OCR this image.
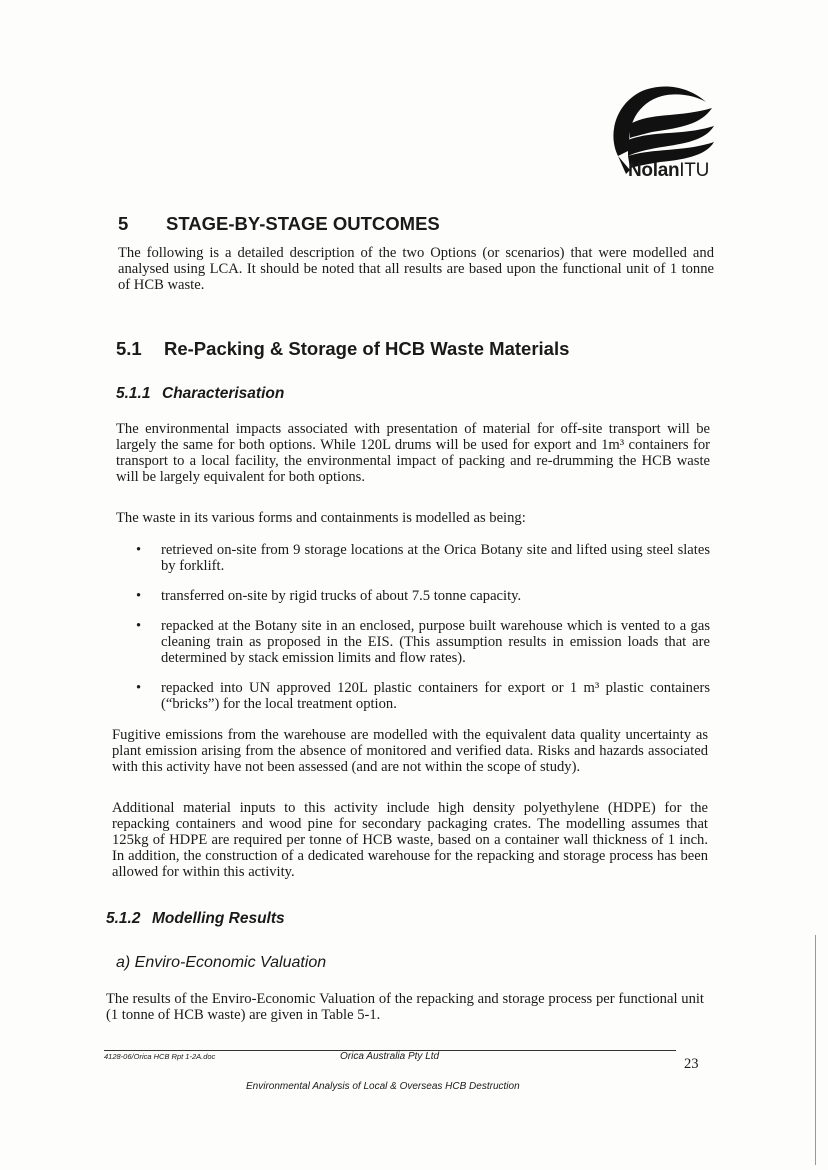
NolanITU
5 STAGE-BY-STAGE OUTCOMES

The following is a detailed description of the two Options (or scenarios) that were modelled and analysed using LCA. It should be noted that all results are based upon the functional unit of 1 tonne of HCB waste.

5.1 Re-Packing & Storage of HCB Waste Materials
5.1.1 Characterisation

The environmental impacts associated with presentation of material for off-site transport will be largely the same for both options. While 120L drums will be used for export and 1m³ containers for transport to a local facility, the environmental impact of packing and re-drumming the HCB waste will be largely equivalent for both options.

The waste in its various forms and containments is modelled as being:

• retrieved on-site from 9 storage locations at the Orica Botany site and lifted using steel slates by forklift.
• transferred on-site by rigid trucks of about 7.5 tonne capacity.
• repacked at the Botany site in an enclosed, purpose built warehouse which is vented to a gas cleaning train as proposed in the EIS. (This assumption results in emission loads that are determined by stack emission limits and flow rates).
• repacked into UN approved 120L plastic containers for export or 1 m³ plastic containers (“bricks”) for the local treatment option.

Fugitive emissions from the warehouse are modelled with the equivalent data quality uncertainty as plant emission arising from the absence of monitored and verified data. Risks and hazards associated with this activity have not been assessed (and are not within the scope of study).

Additional material inputs to this activity include high density polyethylene (HDPE) for the repacking containers and wood pine for secondary packaging crates. The modelling assumes that 125kg of HDPE are required per tonne of HCB waste, based on a container wall thickness of 1 inch. In addition, the construction of a dedicated warehouse for the repacking and storage process has been allowed for within this activity.

5.1.2 Modelling Results
a) Enviro-Economic Valuation

The results of the Enviro-Economic Valuation of the repacking and storage process per functional unit (1 tonne of HCB waste) are given in Table 5-1.

4128-06/Orica HCB Rpt 1-2A.doc	Orica Australia Pty Ltd	23
Environmental Analysis of Local & Overseas HCB Destruction
